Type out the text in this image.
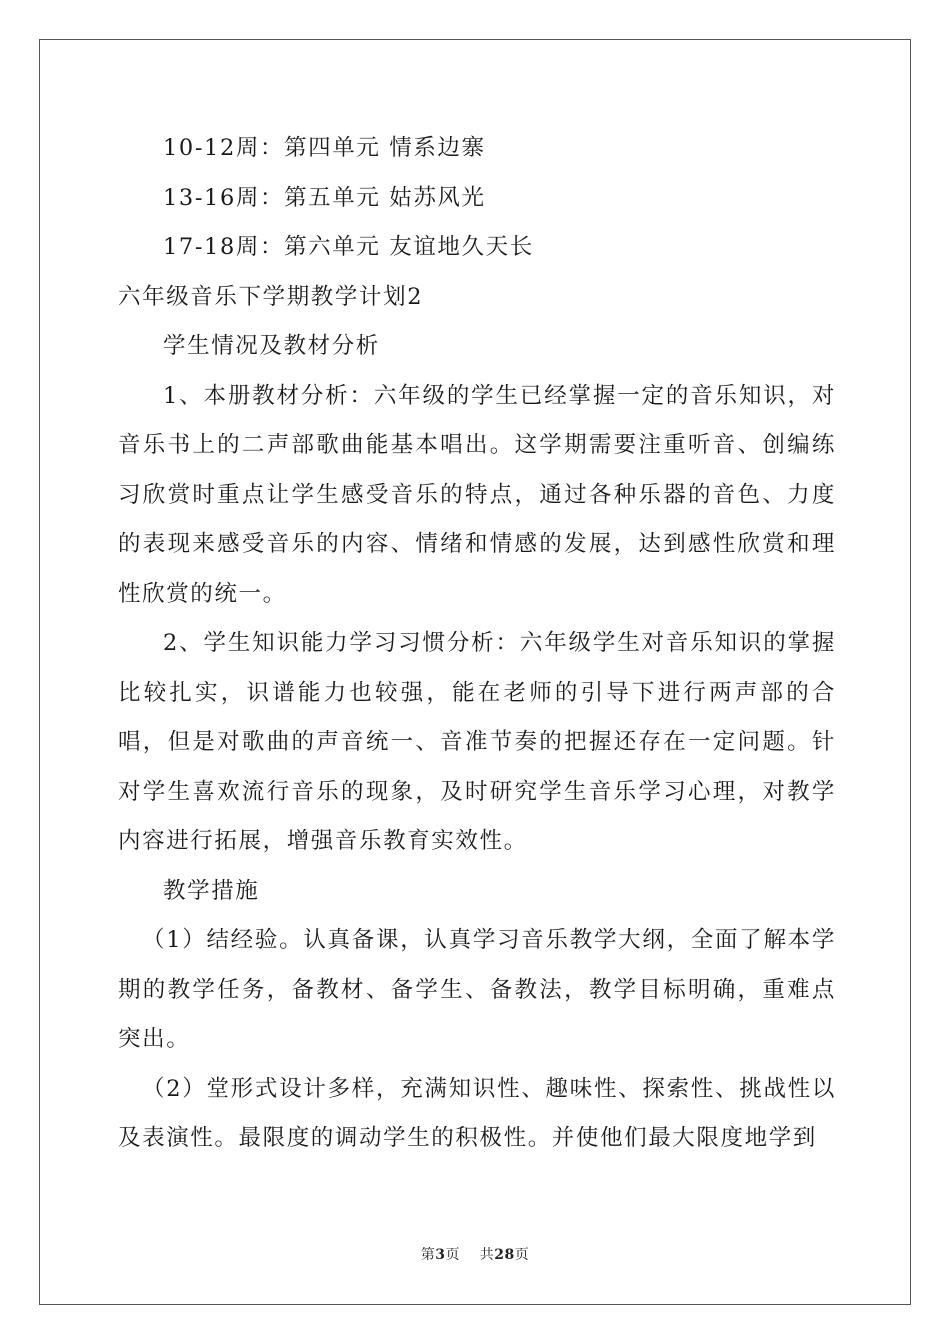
10-12周：第四单元 情系边寨

13-16周：第五单元 姑苏风光

17-18周：第六单元 友谊地久天长

六年级音乐下学期教学计划2

学生情况及教材分析

1、本册教材分析：六年级的学生已经掌握一定的音乐知识，对音乐书上的二声部歌曲能基本唱出。这学期需要注重听音、创编练习欣赏时重点让学生感受音乐的特点，通过各种乐器的音色、力度的表现来感受音乐的内容、情绪和情感的发展，达到感性欣赏和理性欣赏的统一。

2、学生知识能力学习习惯分析：六年级学生对音乐知识的掌握比较扎实，识谱能力也较强，能在老师的引导下进行两声部的合唱，但是对歌曲的声音统一、音准节奏的把握还存在一定问题。针对学生喜欢流行音乐的现象，及时研究学生音乐学习心理，对教学内容进行拓展，增强音乐教育实效性。

教学措施

（1）结经验。认真备课，认真学习音乐教学大纲，全面了解本学期的教学任务，备教材、备学生、备教法，教学目标明确，重难点突出。

（2）堂形式设计多样，充满知识性、趣味性、探索性、挑战性以及表演性。最限度的调动学生的积极性。并使他们最大限度地学到

第3页 共28页
